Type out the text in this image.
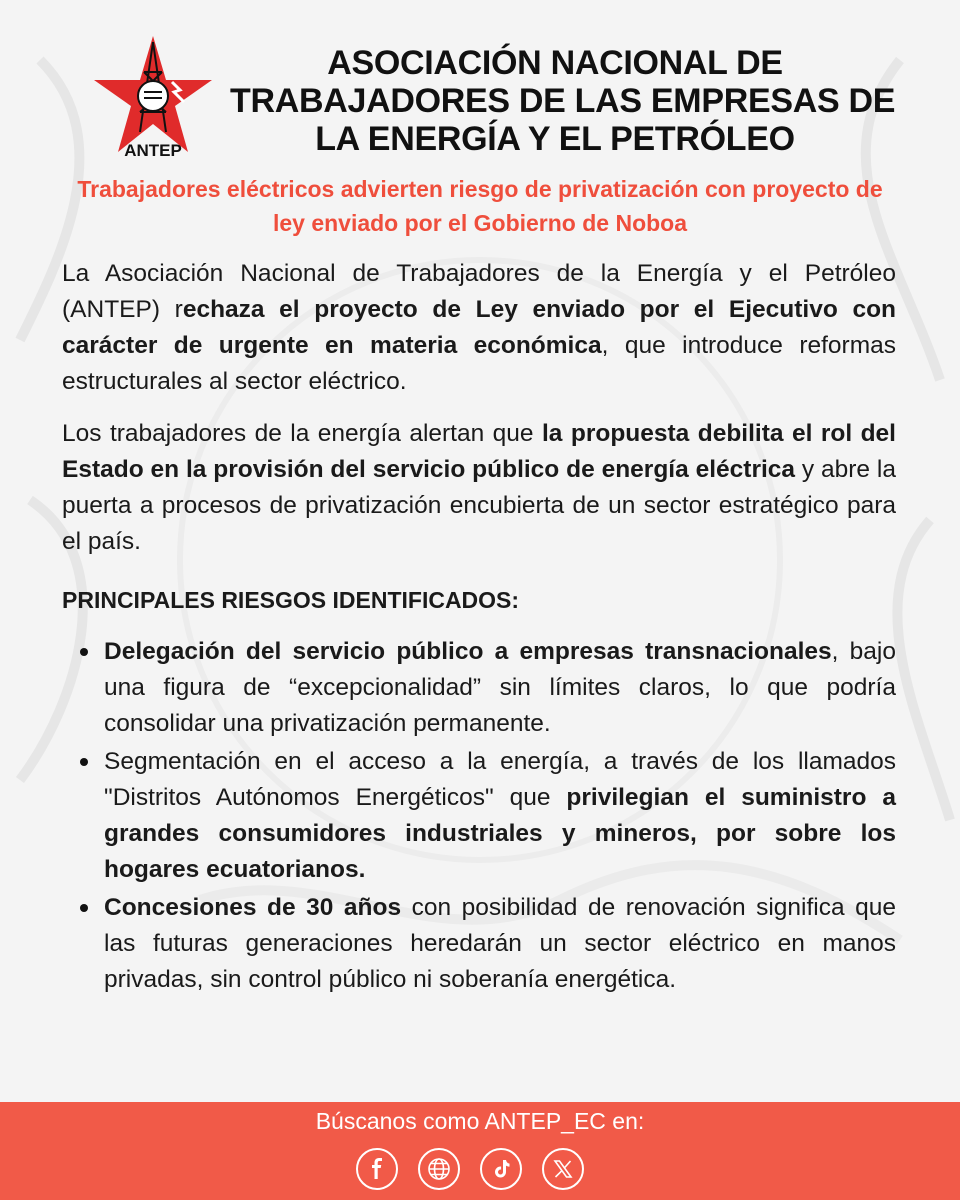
ANTEP
ASOCIACIÓN NACIONAL DE
TRABAJADORES DE LAS EMPRESAS DE
LA ENERGÍA Y EL PETRÓLEO
Trabajadores eléctricos advierten riesgo de privatización con proyecto de ley enviado por el Gobierno de Noboa

La Asociación Nacional de Trabajadores de la Energía y el Petróleo (ANTEP) rechaza el proyecto de Ley enviado por el Ejecutivo con carácter de urgente en materia económica, que introduce reformas estructurales al sector eléctrico.

Los trabajadores de la energía alertan que la propuesta debilita el rol del Estado en la provisión del servicio público de energía eléctrica y abre la puerta a procesos de privatización encubierta de un sector estratégico para el país.

PRINCIPALES RIESGOS IDENTIFICADOS:
Delegación del servicio público a empresas transnacionales, bajo una figura de “excepcionalidad” sin límites claros, lo que podría consolidar una privatización permanente.
Segmentación en el acceso a la energía, a través de los llamados "Distritos Autónomos Energéticos" que privilegian el suministro a grandes consumidores industriales y mineros, por sobre los hogares ecuatorianos.
Concesiones de 30 años con posibilidad de renovación significa que las futuras generaciones heredarán un sector eléctrico en manos privadas, sin control público ni soberanía energética.
Búscanos como ANTEP_EC en:
